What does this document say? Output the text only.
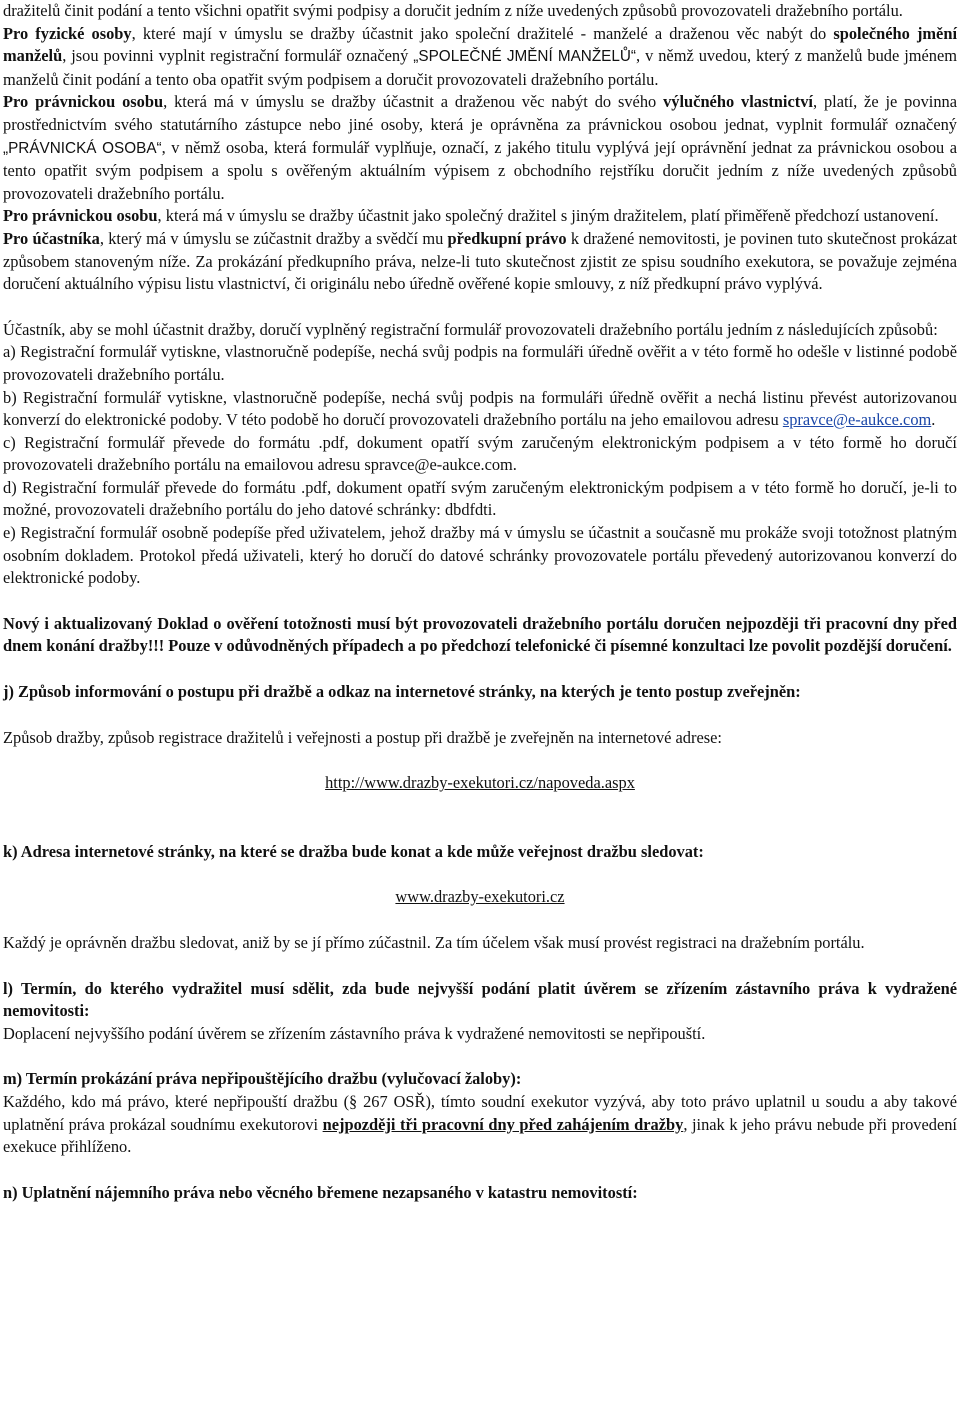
dražitelů činit podání a tento všichni opatřit svými podpisy a doručit jedním z níže uvedených způsobů provozovateli dražebního portálu.

Pro fyzické osoby, které mají v úmyslu se dražby účastnit jako společní dražitelé - manželé a draženou věc nabýt do společného jmění manželů, jsou povinni vyplnit registrační formulář označený „SPOLEČNÉ JMĚNÍ MANŽELŮ“, v němž uvedou, který z manželů bude jménem manželů činit podání a tento oba opatřit svým podpisem a doručit provozovateli dražebního portálu.

Pro právnickou osobu, která má v úmyslu se dražby účastnit a draženou věc nabýt do svého výlučného vlastnictví, platí, že je povinna prostřednictvím svého statutárního zástupce nebo jiné osoby, která je oprávněna za právnickou osobou jednat, vyplnit formulář označený „PRÁVNICKÁ OSOBA“, v němž osoba, která formulář vyplňuje, označí, z jakého titulu vyplývá její oprávnění jednat za právnickou osobou a tento opatřit svým podpisem a spolu s ověřeným aktuálním výpisem z obchodního rejstříku doručit jedním z níže uvedených způsobů provozovateli dražebního portálu.

Pro právnickou osobu, která má v úmyslu se dražby účastnit jako společný dražitel s jiným dražitelem, platí přiměřeně předchozí ustanovení.

Pro účastníka, který má v úmyslu se zúčastnit dražby a svědčí mu předkupní právo k dražené nemovitosti, je povinen tuto skutečnost prokázat způsobem stanoveným níže. Za prokázání předkupního práva, nelze-li tuto skutečnost zjistit ze spisu soudního exekutora, se považuje zejména doručení aktuálního výpisu listu vlastnictví, či originálu nebo úředně ověřené kopie smlouvy, z níž předkupní právo vyplývá.

Účastník, aby se mohl účastnit dražby, doručí vyplněný registrační formulář provozovateli dražebního portálu jedním z následujících způsobů:

a) Registrační formulář vytiskne, vlastnoručně podepíše, nechá svůj podpis na formuláři úředně ověřit a v této formě ho odešle v listinné podobě provozovateli dražebního portálu.

b) Registrační formulář vytiskne, vlastnoručně podepíše, nechá svůj podpis na formuláři úředně ověřit a nechá listinu převést autorizovanou konverzí do elektronické podoby. V této podobě ho doručí provozovateli dražebního portálu na jeho emailovou adresu spravce@e-aukce.com.

c) Registrační formulář převede do formátu .pdf, dokument opatří svým zaručeným elektronickým podpisem a v této formě ho doručí provozovateli dražebního portálu na emailovou adresu spravce@e-aukce.com.

d) Registrační formulář převede do formátu .pdf, dokument opatří svým zaručeným elektronickým podpisem a v této formě ho doručí, je-li to možné, provozovateli dražebního portálu do jeho datové schránky: dbdfdti.

e) Registrační formulář osobně podepíše před uživatelem, jehož dražby má v úmyslu se účastnit a současně mu prokáže svoji totožnost platným osobním dokladem. Protokol předá uživateli, který ho doručí do datové schránky provozovatele portálu převedený autorizovanou konverzí do elektronické podoby.

Nový i aktualizovaný Doklad o ověření totožnosti musí být provozovateli dražebního portálu doručen nejpozději tři pracovní dny před dnem konání dražby!!! Pouze v odůvodněných případech a po předchozí telefonické či písemné konzultaci lze povolit pozdější doručení.

j) Způsob informování o postupu při dražbě a odkaz na internetové stránky, na kterých je tento postup zveřejněn:

Způsob dražby, způsob registrace dražitelů i veřejnosti a postup při dražbě je zveřejněn na internetové adrese:

http://www.drazby-exekutori.cz/napoveda.aspx

k) Adresa internetové stránky, na které se dražba bude konat a kde může veřejnost dražbu sledovat:

www.drazby-exekutori.cz

Každý je oprávněn dražbu sledovat, aniž by se jí přímo zúčastnil. Za tím účelem však musí provést registraci na dražebním portálu.

l) Termín, do kterého vydražitel musí sdělit, zda bude nejvyšší podání platit úvěrem se zřízením zástavního práva k vydražené nemovitosti:

Doplacení nejvyššího podání úvěrem se zřízením zástavního práva k vydražené nemovitosti se nepřipouští.

m) Termín prokázání práva nepřipouštějícího dražbu (vylučovací žaloby):

Každého, kdo má právo, které nepřipouští dražbu (§ 267 OSŘ), tímto soudní exekutor vyzývá, aby toto právo uplatnil u soudu a aby takové uplatnění práva prokázal soudnímu exekutorovi nejpozději tři pracovní dny před zahájením dražby, jinak k jeho právu nebude při provedení exekuce přihlíženo.

n) Uplatnění nájemního práva nebo věcného břemene nezapsaného v katastru nemovitostí:
